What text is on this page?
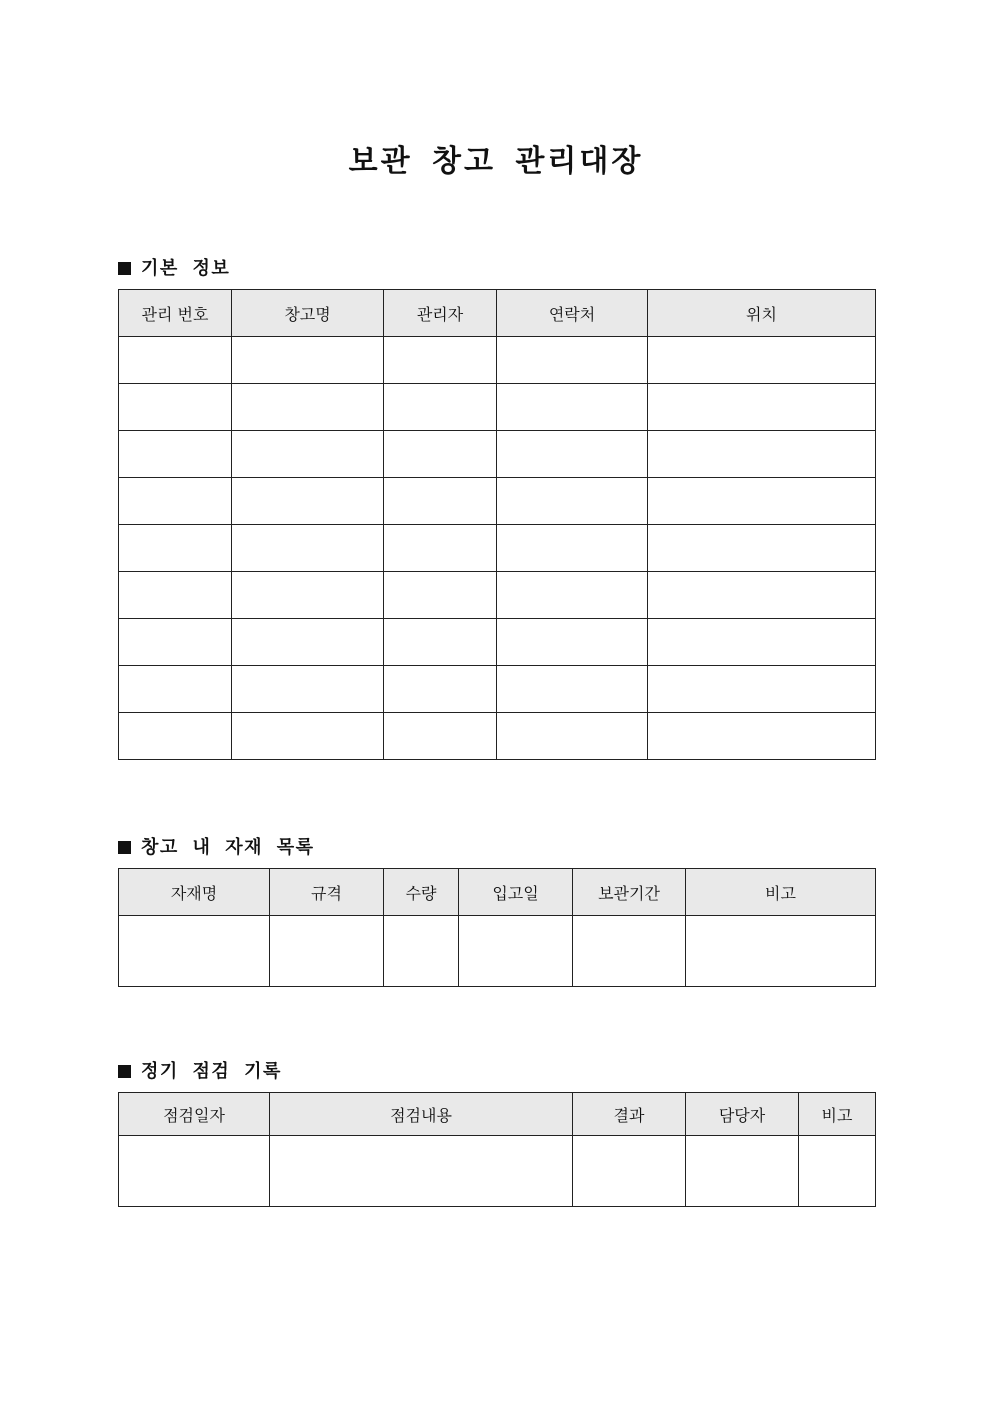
보관 창고 관리대장
기본 정보
관리 번호	창고명	관리자	연락처	위치

창고 내 자재 목록
자재명	규격	수량	입고일	보관기간	비고

정기 점검 기록
점검일자	점검내용	결과	담당자	비고
